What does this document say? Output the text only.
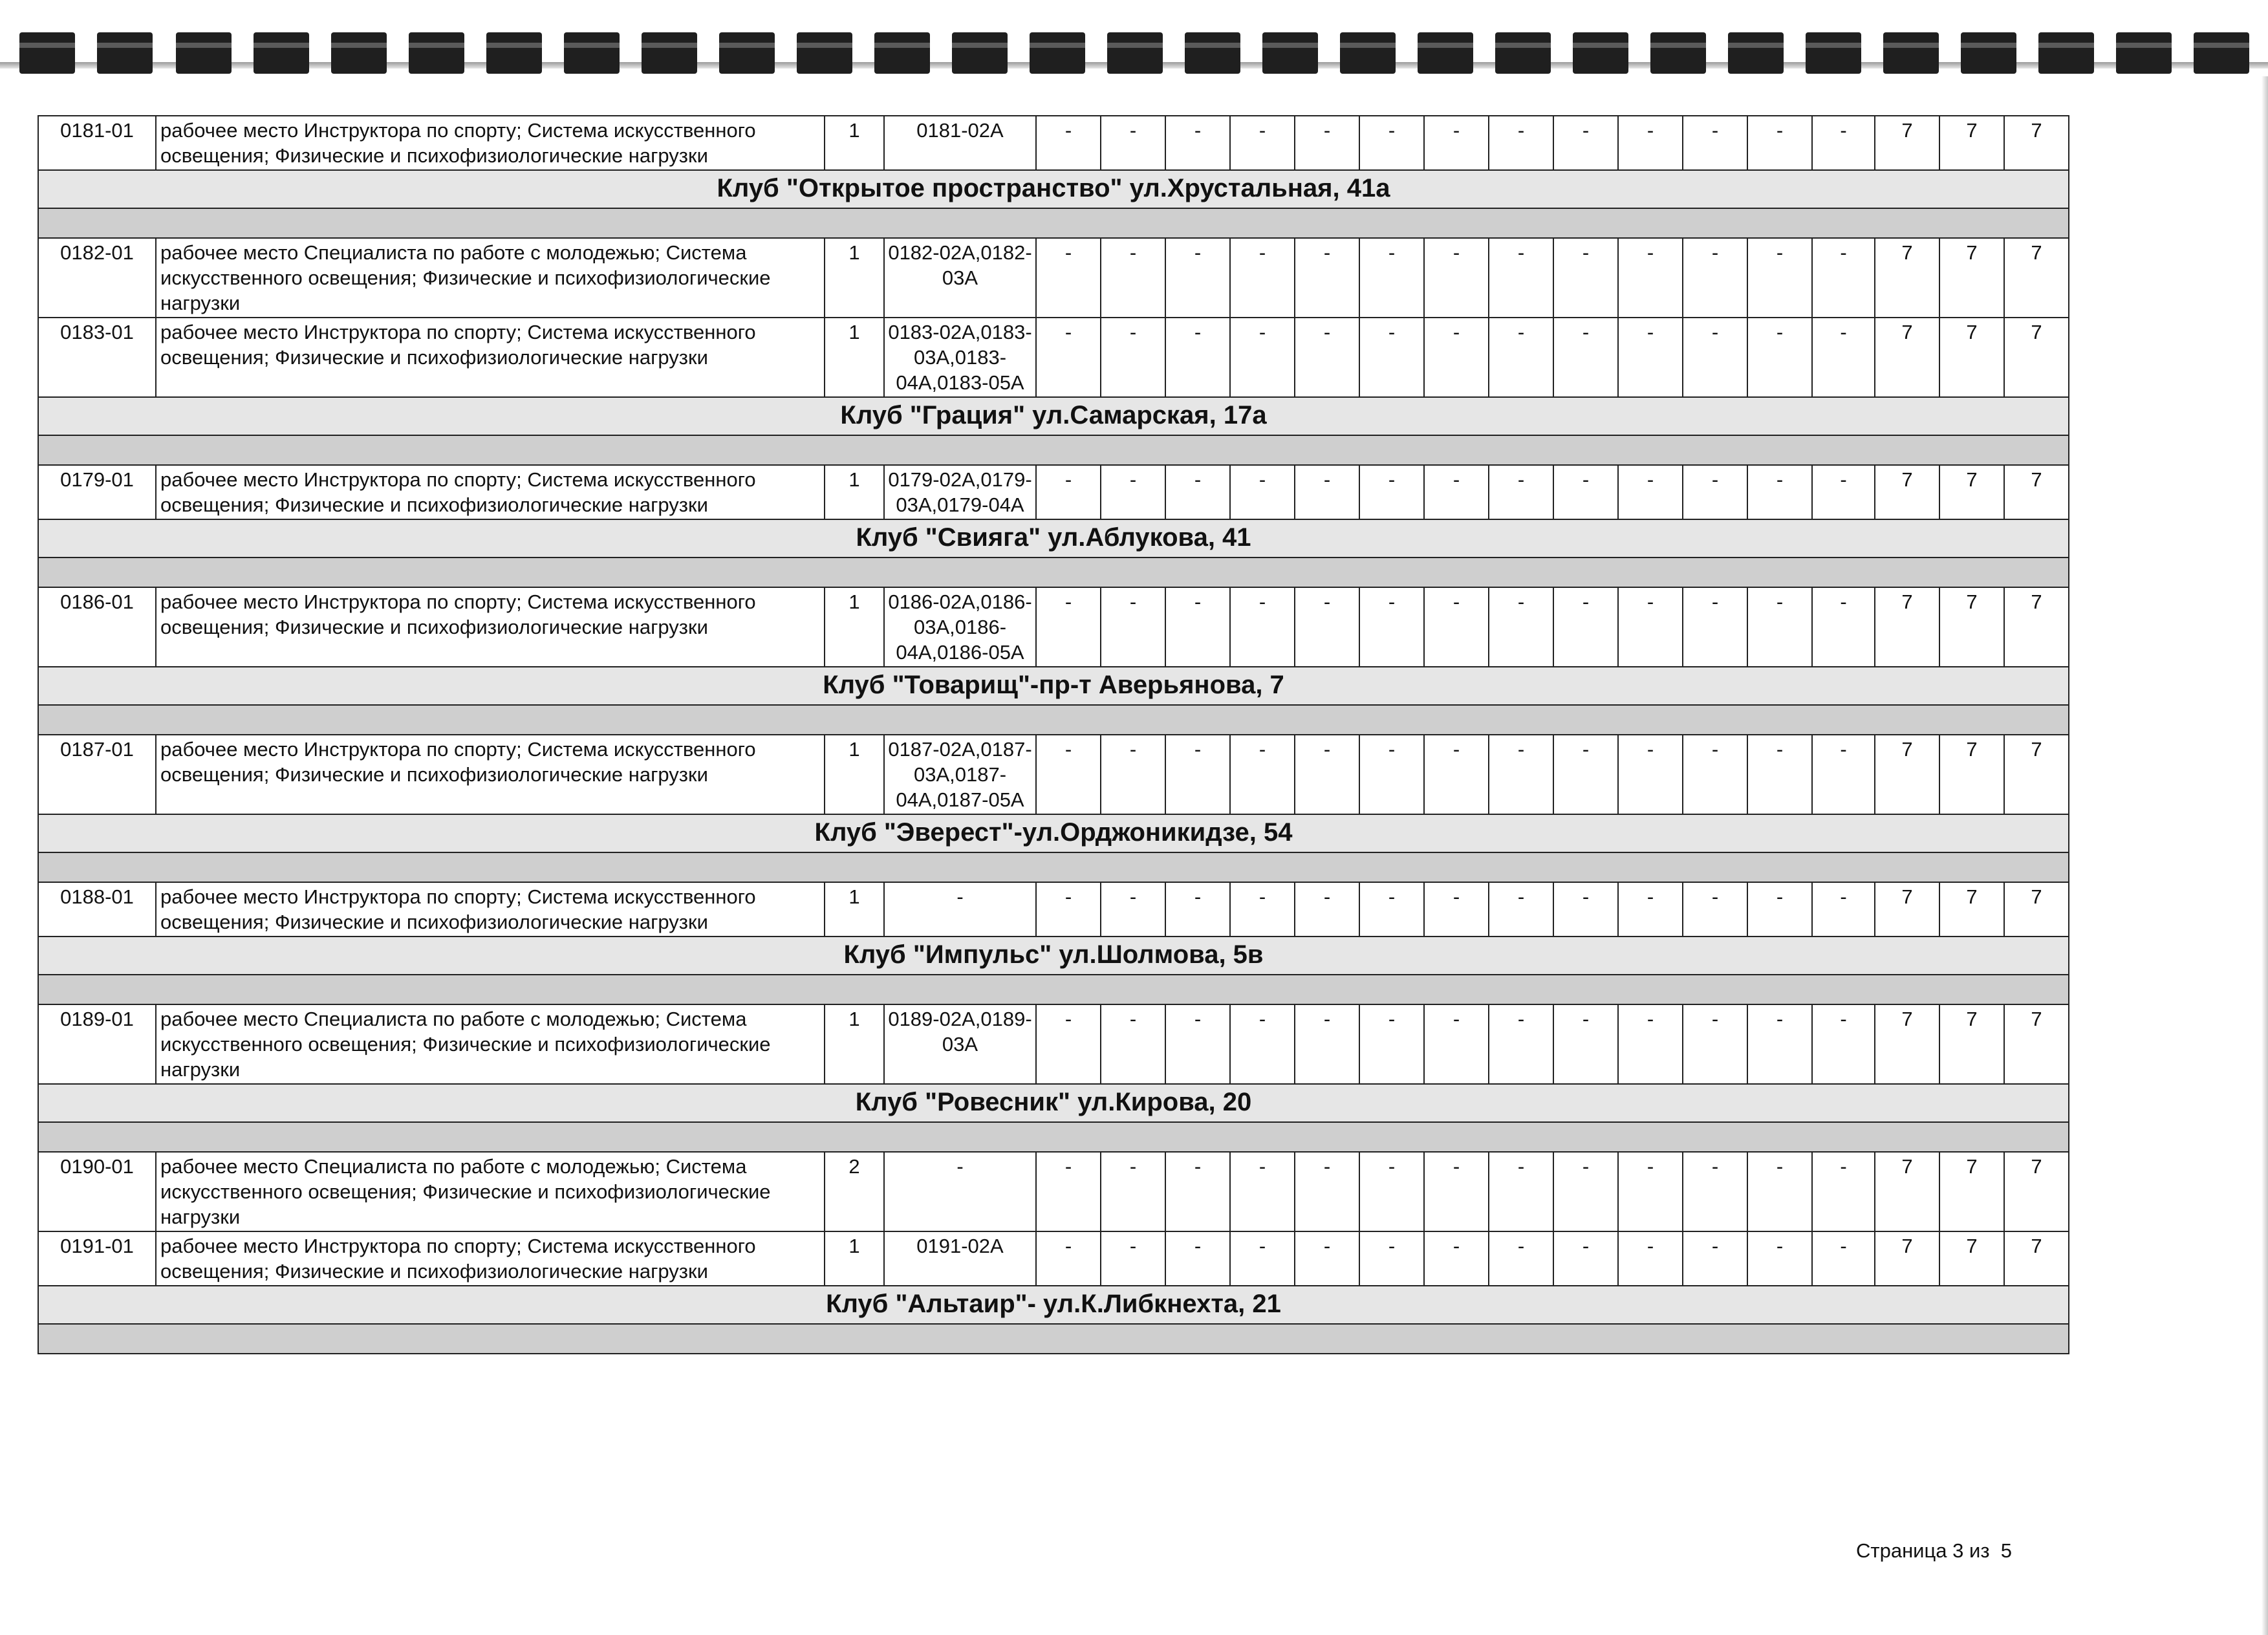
0181-01	рабочее место Инструктора по спорту; Система искусственного освещения; Физические и психофизиологические нагрузки	1	0181-02А	-	-	-	-	-	-	-	-	-	-	-	-	-	7	7	7
Клуб "Открытое пространство" ул.Хрустальная, 41а																			

0182-01	рабочее место Специалиста по работе с молодежью; Система искусственного освещения; Физические и психофизиологические нагрузки	1	0182-02А,0182-03А	-	-	-	-	-	-	-	-	-	-	-	-	-	7	7	7
0183-01	рабочее место Инструктора по спорту; Система искусственного освещения; Физические и психофизиологические нагрузки	1	0183-02А,0183-03А,0183-04А,0183-05А	-	-	-	-	-	-	-	-	-	-	-	-	-	7	7	7
Клуб "Грация" ул.Самарская, 17а																			

0179-01	рабочее место Инструктора по спорту; Система искусственного освещения; Физические и психофизиологические нагрузки	1	0179-02А,0179-03А,0179-04А	-	-	-	-	-	-	-	-	-	-	-	-	-	7	7	7
Клуб "Свияга" ул.Аблукова, 41																			

0186-01	рабочее место Инструктора по спорту; Система искусственного освещения; Физические и психофизиологические нагрузки	1	0186-02А,0186-03А,0186-04А,0186-05А	-	-	-	-	-	-	-	-	-	-	-	-	-	7	7	7
Клуб "Товарищ"-пр-т Аверьянова, 7																			

0187-01	рабочее место Инструктора по спорту; Система искусственного освещения; Физические и психофизиологические нагрузки	1	0187-02А,0187-03А,0187-04А,0187-05А	-	-	-	-	-	-	-	-	-	-	-	-	-	7	7	7
Клуб "Эверест"-ул.Орджоникидзе, 54																			

0188-01	рабочее место Инструктора по спорту; Система искусственного освещения; Физические и психофизиологические нагрузки	1	-	-	-	-	-	-	-	-	-	-	-	-	-	-	7	7	7
Клуб "Импульс" ул.Шолмова, 5в																			

0189-01	рабочее место Специалиста по работе с молодежью; Система искусственного освещения; Физические и психофизиологические нагрузки	1	0189-02А,0189-03А	-	-	-	-	-	-	-	-	-	-	-	-	-	7	7	7
Клуб "Ровесник" ул.Кирова, 20																			

0190-01	рабочее место Специалиста по работе с молодежью; Система искусственного освещения; Физические и психофизиологические нагрузки	2	-	-	-	-	-	-	-	-	-	-	-	-	-	-	7	7	7
0191-01	рабочее место Инструктора по спорту; Система искусственного освещения; Физические и психофизиологические нагрузки	1	0191-02А	-	-	-	-	-	-	-	-	-	-	-	-	-	7	7	7
Клуб "Альтаир"- ул.К.Либкнехта, 21																			

Страница 3 из 5
